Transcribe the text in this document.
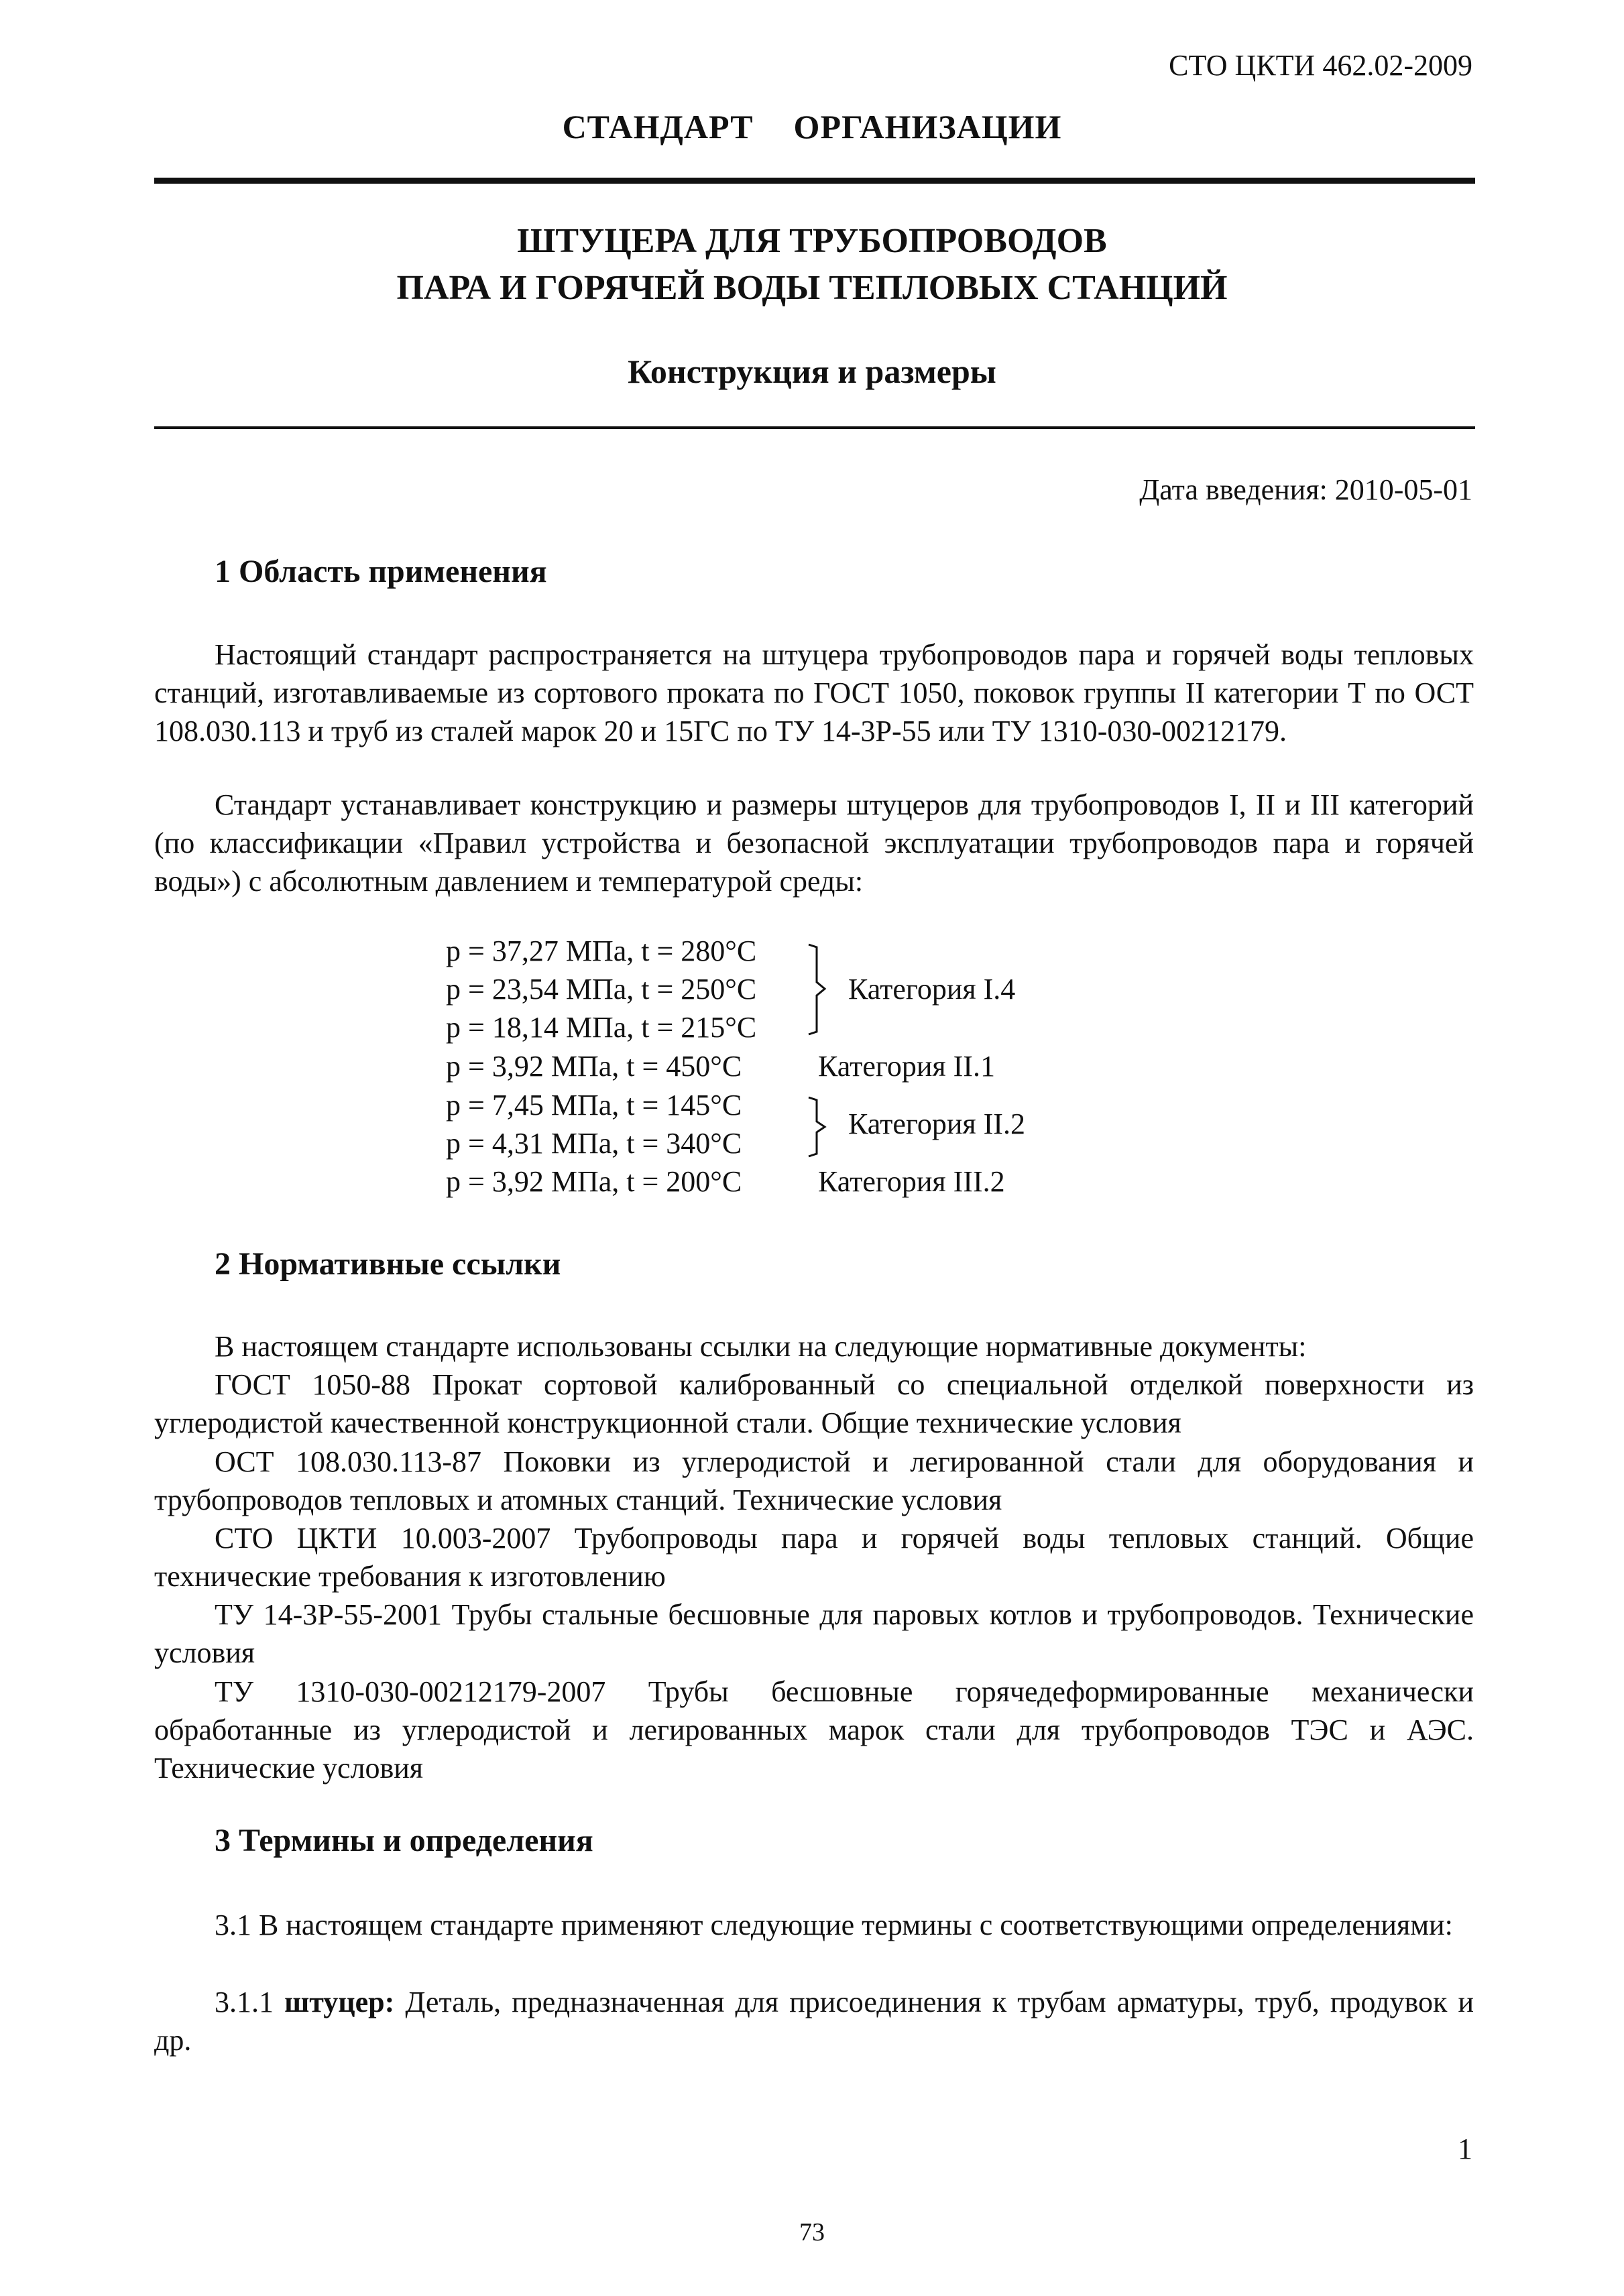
СТО ЦКТИ 462.02-2009
СТАНДАРТ ОРГАНИЗАЦИИ
ШТУЦЕРА ДЛЯ ТРУБОПРОВОДОВ
ПАРА И ГОРЯЧЕЙ ВОДЫ ТЕПЛОВЫХ СТАНЦИЙ
Конструкция и размеры
Дата введения: 2010-05-01
1 Область применения

Настоящий стандарт распространяется на штуцера трубопроводов пара и горячей воды тепловых станций, изготавливаемые из сортового проката по ГОСТ 1050, поковок группы II категории Т по ОСТ 108.030.113 и труб из сталей марок 20 и 15ГС по ТУ 14-3Р-55 или ТУ 1310-030-00212179.

Стандарт устанавливает конструкцию и размеры штуцеров для трубопроводов I, II и III категорий (по классификации «Правил устройства и безопасной эксплуатации трубопроводов пара и горячей воды») с абсолютным давлением и температурой среды:

p = 37,27 МПа, t = 280°C
p = 23,54 МПа, t = 250°C
p = 18,14 МПа, t = 215°C
p = 3,92 МПа, t = 450°C
p = 7,45 МПа, t = 145°C
p = 4,31 МПа, t = 340°C
p = 3,92 МПа, t = 200°C
Категория I.4
Категория II.1
Категория II.2
Категория III.2
2 Нормативные ссылки

В настоящем стандарте использованы ссылки на следующие нормативные документы:

ГОСТ 1050-88 Прокат сортовой калиброванный со специальной отделкой поверхности из углеродистой качественной конструкционной стали. Общие технические условия

ОСТ 108.030.113-87 Поковки из углеродистой и легированной стали для оборудования и трубопроводов тепловых и атомных станций. Технические условия

СТО ЦКТИ 10.003-2007 Трубопроводы пара и горячей воды тепловых станций. Общие технические требования к изготовлению

ТУ 14-3Р-55-2001 Трубы стальные бесшовные для паровых котлов и трубопроводов. Технические условия

ТУ 1310-030-00212179-2007 Трубы бесшовные горячедеформированные механически обработанные из углеродистой и легированных марок стали для трубопроводов ТЭС и АЭС. Технические условия

3 Термины и определения

3.1 В настоящем стандарте применяют следующие термины с соответствующими определениями:

3.1.1 штуцер: Деталь, предназначенная для присоединения к трубам арматуры, труб, продувок и др.

1
73
